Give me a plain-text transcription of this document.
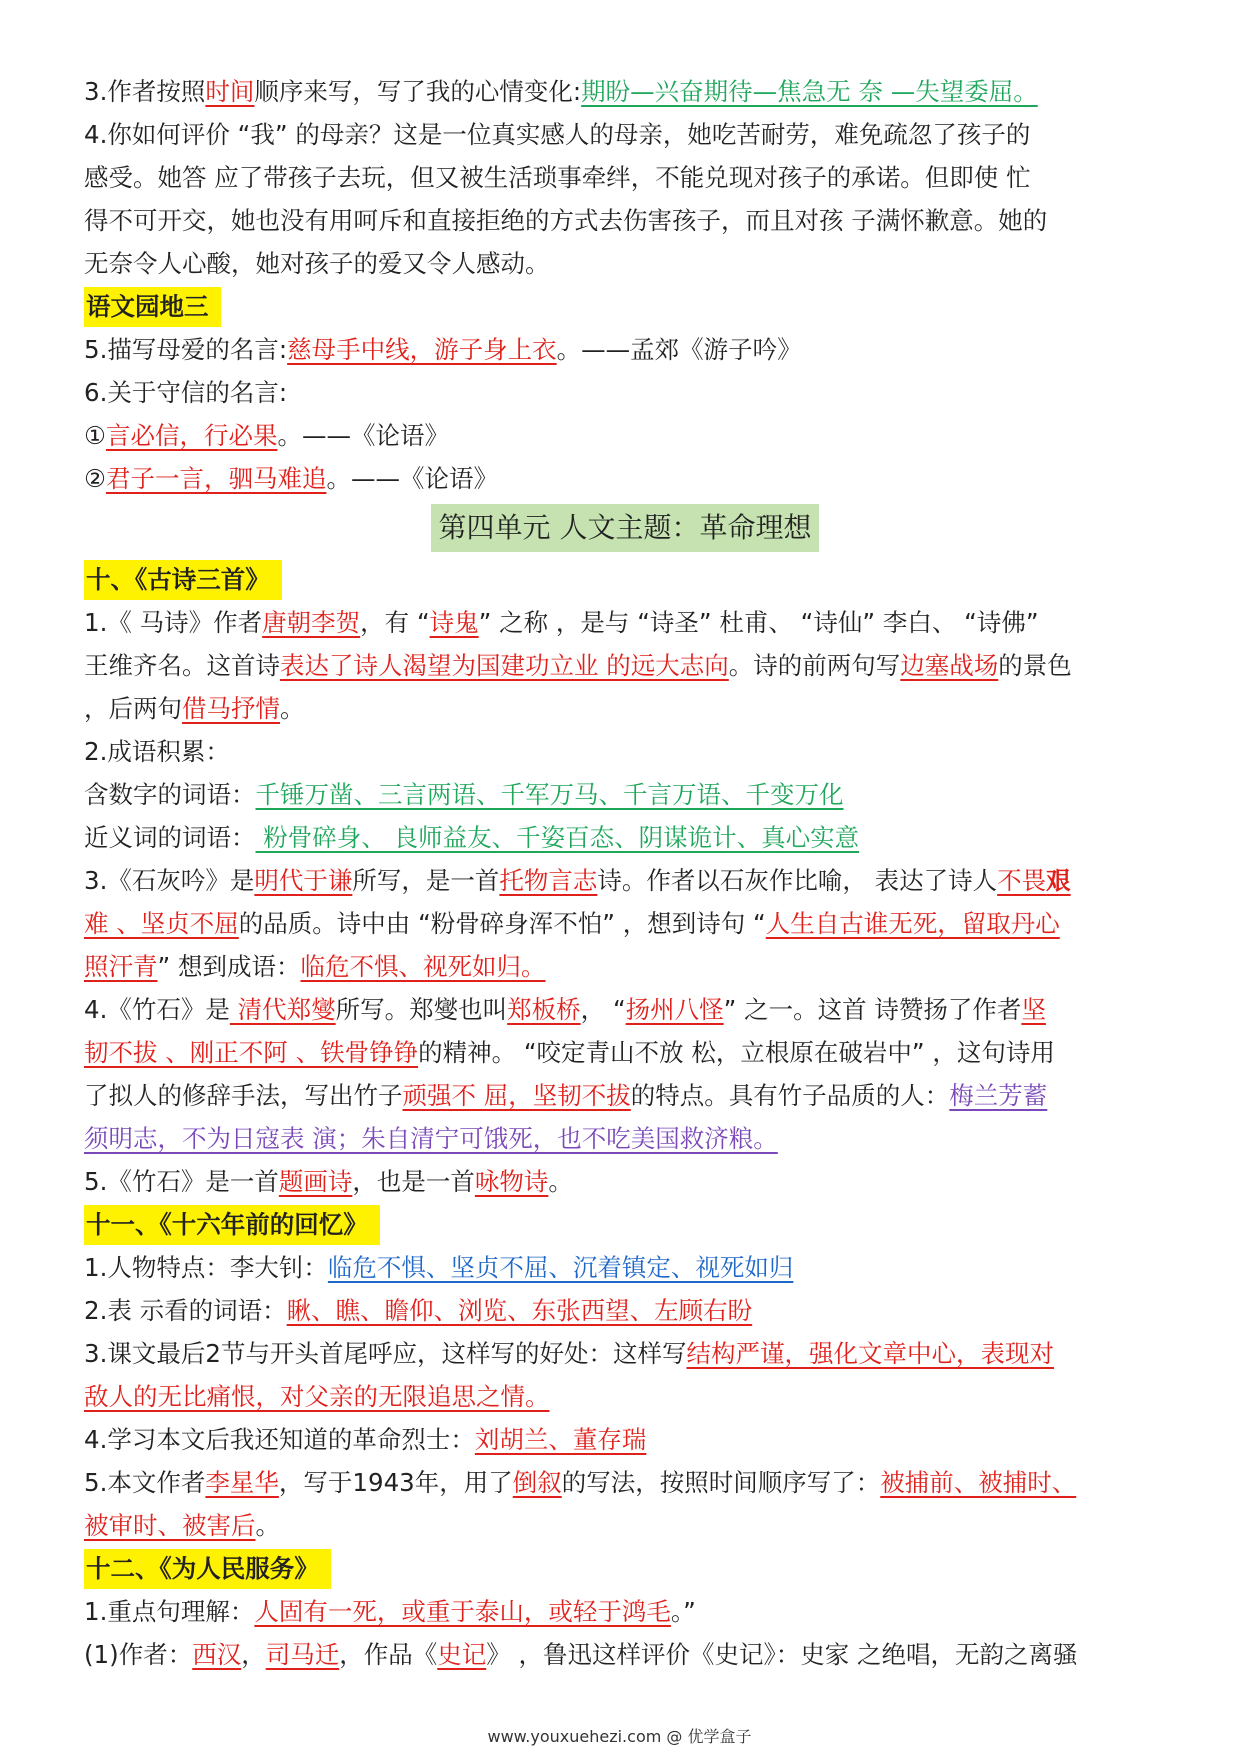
3.作者按照时间顺序来写，写了我的心情变化:期盼—兴奋期待—焦急无 奈 —失望委屈。
4.你如何评价 “我” 的母亲？这是一位真实感人的母亲，她吃苦耐劳，难免疏忽了孩子的
感受。她答 应了带孩子去玩，但又被生活琐事牵绊，不能兑现对孩子的承诺。但即使 忙
得不可开交，她也没有用呵斥和直接拒绝的方式去伤害孩子，而且对孩 子满怀歉意。她的
无奈令人心酸，她对孩子的爱又令人感动。
语文园地三
5.描写母爱的名言:慈母手中线，游子身上衣。——孟郊《游子吟》
6.关于守信的名言:
①言必信，行必果。——《论语》
②君子一言，驷马难追。——《论语》
第四单元 人文主题：革命理想
十、《古诗三首》
1.《 马诗》作者唐朝李贺，有 “诗鬼” 之称 ，是与 “诗圣” 杜甫、 “诗仙” 李白、 “诗佛”
王维齐名。这首诗表达了诗人渴望为国建功立业 的远大志向。诗的前两句写边塞战场的景色
，后两句借马抒情。
2.成语积累：
含数字的词语：千锤万凿、三言两语、千军万马、千言万语、千变万化
近义词的词语： 粉骨碎身、 良师益友、千姿百态、阴谋诡计、真心实意
3.《石灰吟》是明代于谦所写，是一首托物言志诗。作者以石灰作比喻， 表达了诗人不畏艰
难 、坚贞不屈的品质。诗中由 “粉骨碎身浑不怕” ，想到诗句 “人生自古谁无死，留取丹心
照汗青” 想到成语：临危不惧、视死如归。
4.《竹石》是 清代郑燮所写。郑燮也叫郑板桥， “扬州八怪” 之一。这首 诗赞扬了作者坚
韧不拔 、刚正不阿 、铁骨铮铮的精神。 “咬定青山不放 松，立根原在破岩中” ，这句诗用
了拟人的修辞手法，写出竹子顽强不 屈，坚韧不拔的特点。具有竹子品质的人：梅兰芳蓄
须明志，不为日寇表 演；朱自清宁可饿死，也不吃美国救济粮。
5.《竹石》是一首题画诗，也是一首咏物诗。
十一、《十六年前的回忆》
1.人物特点：李大钊：临危不惧、坚贞不屈、沉着镇定、视死如归
2.表 示看的词语：瞅、瞧、瞻仰、浏览、东张西望、左顾右盼
3.课文最后2节与开头首尾呼应，这样写的好处：这样写结构严谨，强化文章中心，表现对
敌人的无比痛恨，对父亲的无限追思之情。
4.学习本文后我还知道的革命烈士：刘胡兰、董存瑞
5.本文作者李星华，写于1943年，用了倒叙的写法，按照时间顺序写了：被捕前、被捕时、
被审时、被害后。
十二、《为人民服务》
1.重点句理解：人固有一死，或重于泰山，或轻于鸿毛。”
(1)作者：西汉，司马迁，作品《史记》 ，鲁迅这样评价《史记》：史家 之绝唱，无韵之离骚
www.youxuehezi.com @ 优学盒子
